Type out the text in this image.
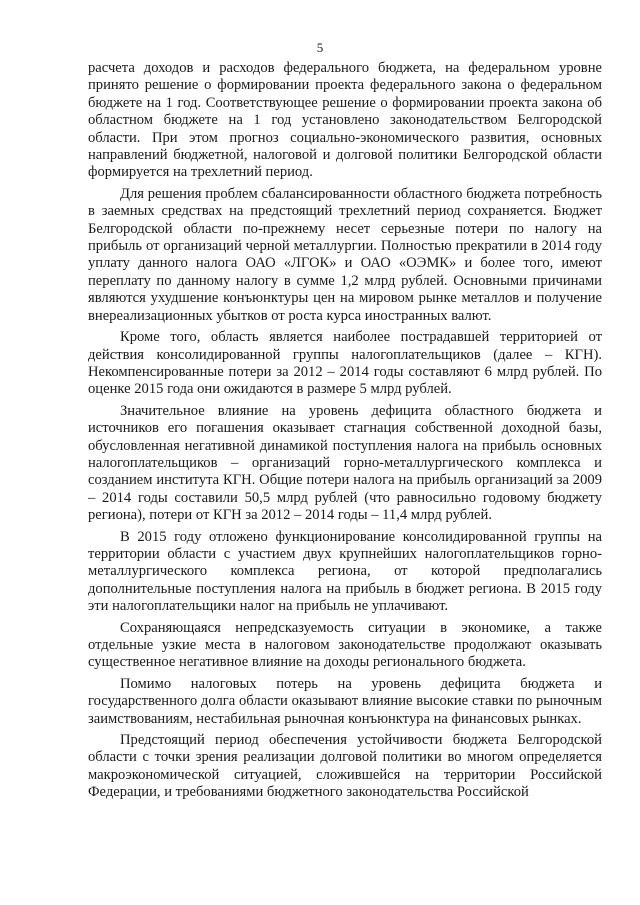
5

расчета доходов и расходов федерального бюджета, на федеральном уровне принято решение о формировании проекта федерального закона о федеральном бюджете на 1 год. Соответствующее решение о формировании проекта закона об областном бюджете на 1 год установлено законодательством Белгородской области. При этом прогноз социально-экономического развития, основных направлений бюджетной, налоговой и долговой политики Белгородской области формируется на трехлетний период.

Для решения проблем сбалансированности областного бюджета потребность в заемных средствах на предстоящий трехлетний период сохраняется. Бюджет Белгородской области по-прежнему несет серьезные потери по налогу на прибыль от организаций черной металлургии. Полностью прекратили в 2014 году уплату данного налога ОАО «ЛГОК» и ОАО «ОЭМК» и более того, имеют переплату по данному налогу в сумме 1,2 млрд рублей. Основными причинами являются ухудшение конъюнктуры цен на мировом рынке металлов и получение внереализационных убытков от роста курса иностранных валют.

Кроме того, область является наиболее пострадавшей территорией от действия консолидированной группы налогоплательщиков (далее – КГН). Некомпенсированные потери за 2012 – 2014 годы составляют 6 млрд рублей. По оценке 2015 года они ожидаются в размере 5 млрд рублей.

Значительное влияние на уровень дефицита областного бюджета и источников его погашения оказывает стагнация собственной доходной базы, обусловленная негативной динамикой поступления налога на прибыль основных налогоплательщиков – организаций горно-металлургического комплекса и созданием института КГН. Общие потери налога на прибыль организаций за 2009 – 2014 годы составили 50,5 млрд рублей (что равносильно годовому бюджету региона), потери от КГН за 2012 – 2014 годы – 11,4 млрд рублей.

В 2015 году отложено функционирование консолидированной группы на территории области с участием двух крупнейших налогоплательщиков горно-металлургического комплекса региона, от которой предполагались дополнительные поступления налога на прибыль в бюджет региона. В 2015 году эти налогоплательщики налог на прибыль не уплачивают.

Сохраняющаяся непредсказуемость ситуации в экономике, а также отдельные узкие места в налоговом законодательстве продолжают оказывать существенное негативное влияние на доходы регионального бюджета.

Помимо налоговых потерь на уровень дефицита бюджета и государственного долга области оказывают влияние высокие ставки по рыночным заимствованиям, нестабильная рыночная конъюнктура на финансовых рынках.

Предстоящий период обеспечения устойчивости бюджета Белгородской области с точки зрения реализации долговой политики во многом определяется макроэкономической ситуацией, сложившейся на территории Российской Федерации, и требованиями бюджетного законодательства Российской
